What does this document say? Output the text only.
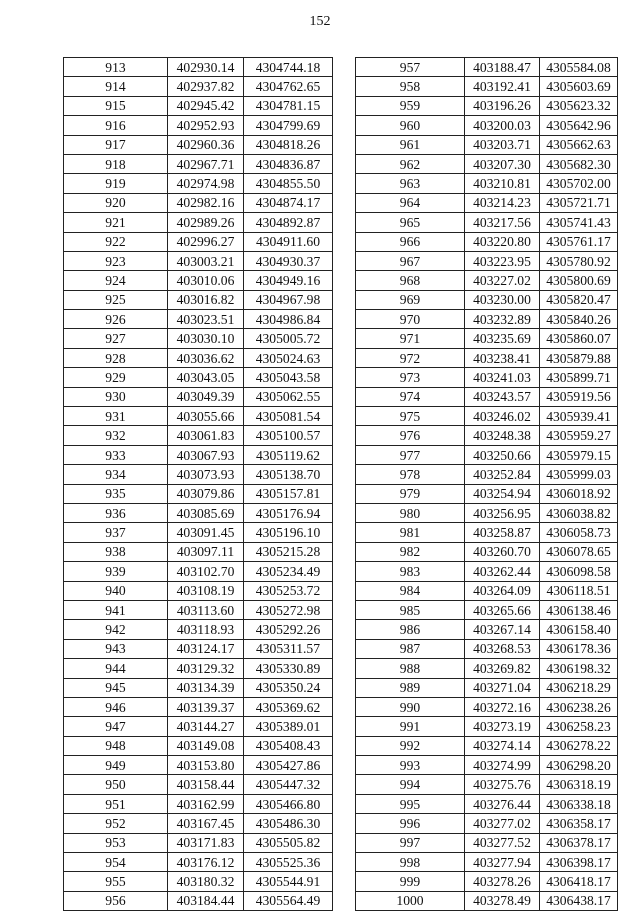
152
913	402930.14	4304744.18
914	402937.82	4304762.65
915	402945.42	4304781.15
916	402952.93	4304799.69
917	402960.36	4304818.26
918	402967.71	4304836.87
919	402974.98	4304855.50
920	402982.16	4304874.17
921	402989.26	4304892.87
922	402996.27	4304911.60
923	403003.21	4304930.37
924	403010.06	4304949.16
925	403016.82	4304967.98
926	403023.51	4304986.84
927	403030.10	4305005.72
928	403036.62	4305024.63
929	403043.05	4305043.58
930	403049.39	4305062.55
931	403055.66	4305081.54
932	403061.83	4305100.57
933	403067.93	4305119.62
934	403073.93	4305138.70
935	403079.86	4305157.81
936	403085.69	4305176.94
937	403091.45	4305196.10
938	403097.11	4305215.28
939	403102.70	4305234.49
940	403108.19	4305253.72
941	403113.60	4305272.98
942	403118.93	4305292.26
943	403124.17	4305311.57
944	403129.32	4305330.89
945	403134.39	4305350.24
946	403139.37	4305369.62
947	403144.27	4305389.01
948	403149.08	4305408.43
949	403153.80	4305427.86
950	403158.44	4305447.32
951	403162.99	4305466.80
952	403167.45	4305486.30
953	403171.83	4305505.82
954	403176.12	4305525.36
955	403180.32	4305544.91
956	403184.44	4305564.49
957	403188.47	4305584.08
958	403192.41	4305603.69
959	403196.26	4305623.32
960	403200.03	4305642.96
961	403203.71	4305662.63
962	403207.30	4305682.30
963	403210.81	4305702.00
964	403214.23	4305721.71
965	403217.56	4305741.43
966	403220.80	4305761.17
967	403223.95	4305780.92
968	403227.02	4305800.69
969	403230.00	4305820.47
970	403232.89	4305840.26
971	403235.69	4305860.07
972	403238.41	4305879.88
973	403241.03	4305899.71
974	403243.57	4305919.56
975	403246.02	4305939.41
976	403248.38	4305959.27
977	403250.66	4305979.15
978	403252.84	4305999.03
979	403254.94	4306018.92
980	403256.95	4306038.82
981	403258.87	4306058.73
982	403260.70	4306078.65
983	403262.44	4306098.58
984	403264.09	4306118.51
985	403265.66	4306138.46
986	403267.14	4306158.40
987	403268.53	4306178.36
988	403269.82	4306198.32
989	403271.04	4306218.29
990	403272.16	4306238.26
991	403273.19	4306258.23
992	403274.14	4306278.22
993	403274.99	4306298.20
994	403275.76	4306318.19
995	403276.44	4306338.18
996	403277.02	4306358.17
997	403277.52	4306378.17
998	403277.94	4306398.17
999	403278.26	4306418.17
1000	403278.49	4306438.17
